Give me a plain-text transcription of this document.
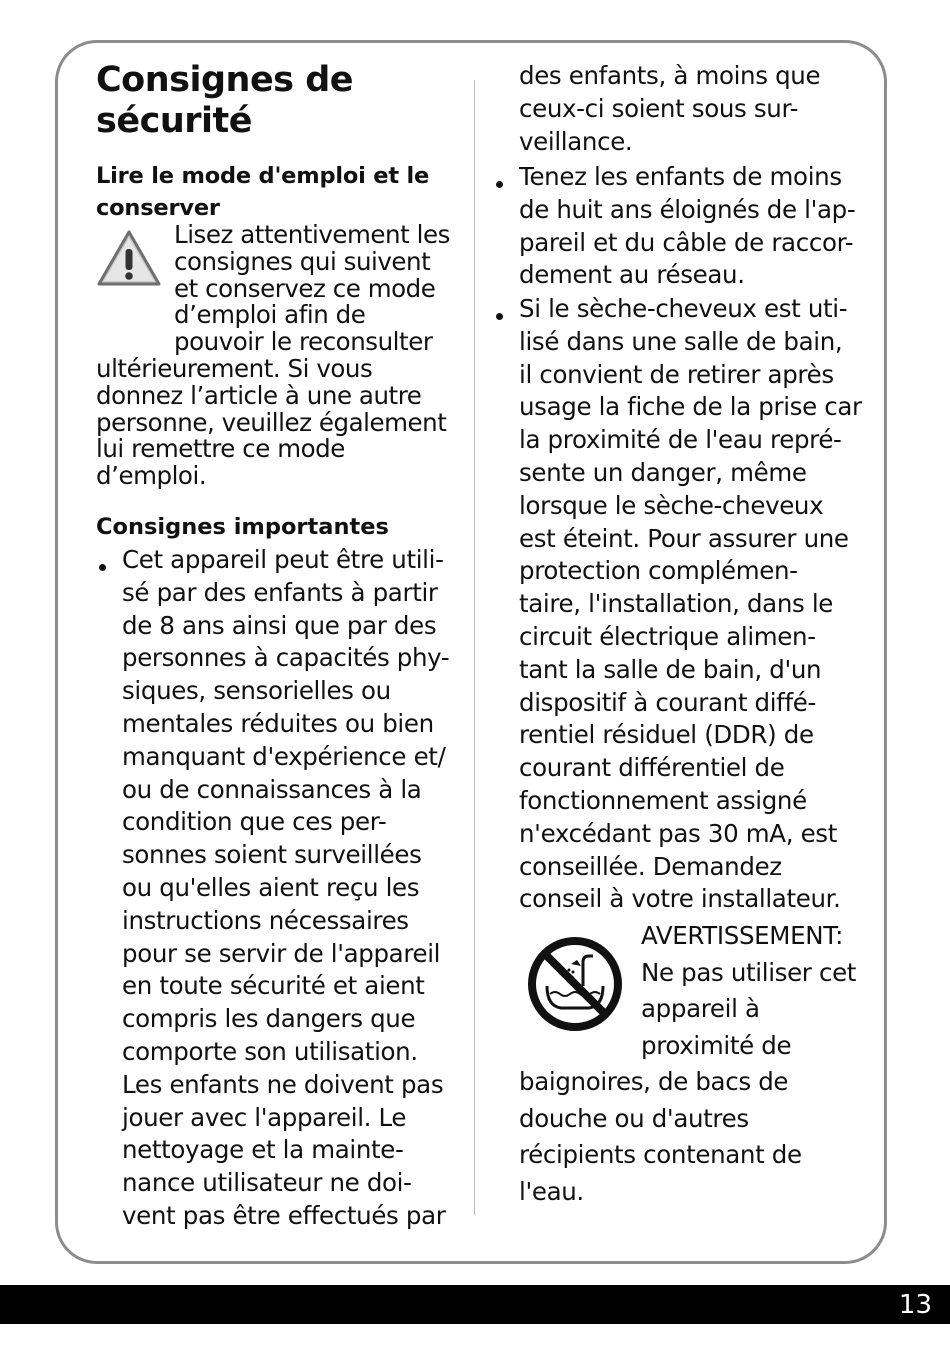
Consignes de
sécurité
Lire le mode d'emploi et le
conserver
Lisez attentivement les
consignes qui suivent
et conservez ce mode
d’emploi afin de
pouvoir le reconsulter
ultérieurement. Si vous
donnez l’article à une autre
personne, veuillez également
lui remettre ce mode
d’emploi.
Consignes importantes
Cet appareil peut être utili-
sé par des enfants à partir
de 8 ans ainsi que par des
personnes à capacités phy-
siques, sensorielles ou
mentales réduites ou bien
manquant d'expérience et/
ou de connaissances à la
condition que ces per-
sonnes soient surveillées
ou qu'elles aient reçu les
instructions nécessaires
pour se servir de l'appareil
en toute sécurité et aient
compris les dangers que
comporte son utilisation.
Les enfants ne doivent pas
jouer avec l'appareil. Le
nettoyage et la mainte-
nance utilisateur ne doi-
vent pas être effectués par
des enfants, à moins que
ceux-ci soient sous sur-
veillance.
Tenez les enfants de moins
de huit ans éloignés de l'ap-
pareil et du câble de raccor-
dement au réseau.
Si le sèche-cheveux est uti-
lisé dans une salle de bain,
il convient de retirer après
usage la fiche de la prise car
la proximité de l'eau repré-
sente un danger, même
lorsque le sèche-cheveux
est éteint. Pour assurer une
protection complémen-
taire, l'installation, dans le
circuit électrique alimen-
tant la salle de bain, d'un
dispositif à courant diffé-
rentiel résiduel (DDR) de
courant différentiel de
fonctionnement assigné
n'excédant pas 30 mA, est
conseillée. Demandez
conseil à votre installateur.
AVERTISSEMENT:
Ne pas utiliser cet
appareil à
proximité de
baignoires, de bacs de
douche ou d'autres
récipients contenant de
l'eau.
13
